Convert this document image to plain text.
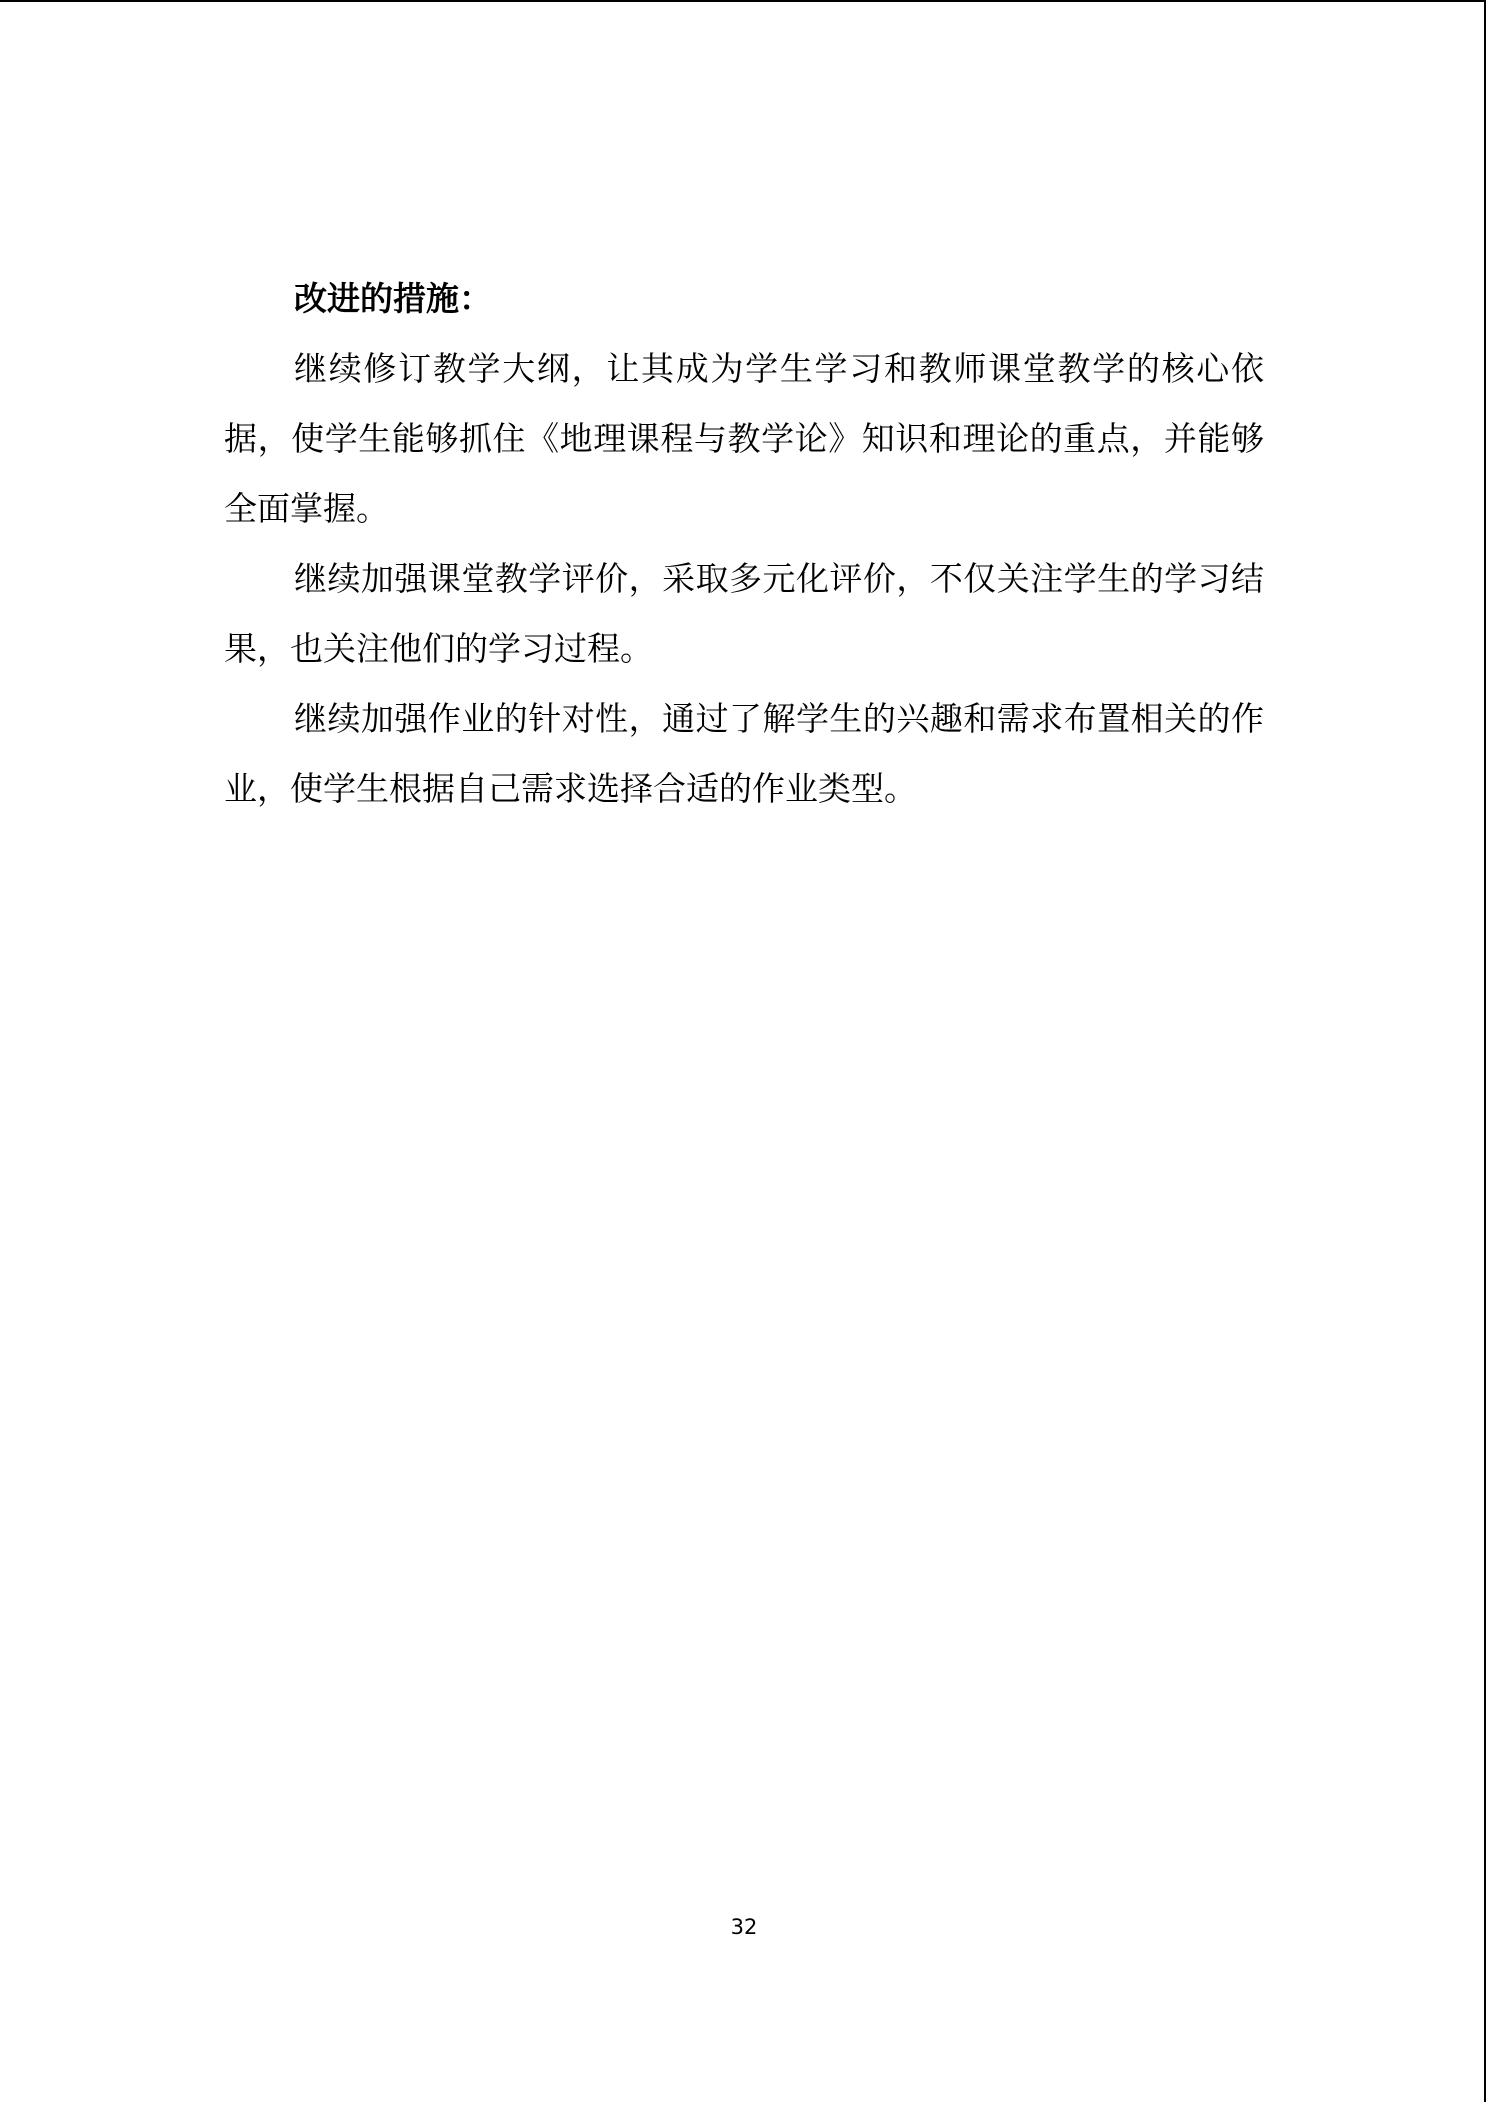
改进的措施：

继续修订教学大纲，让其成为学生学习和教师课堂教学的核心依据，使学生能够抓住《地理课程与教学论》知识和理论的重点，并能够全面掌握。

继续加强课堂教学评价，采取多元化评价，不仅关注学生的学习结果，也关注他们的学习过程。

继续加强作业的针对性，通过了解学生的兴趣和需求布置相关的作业，使学生根据自己需求选择合适的作业类型。

32
